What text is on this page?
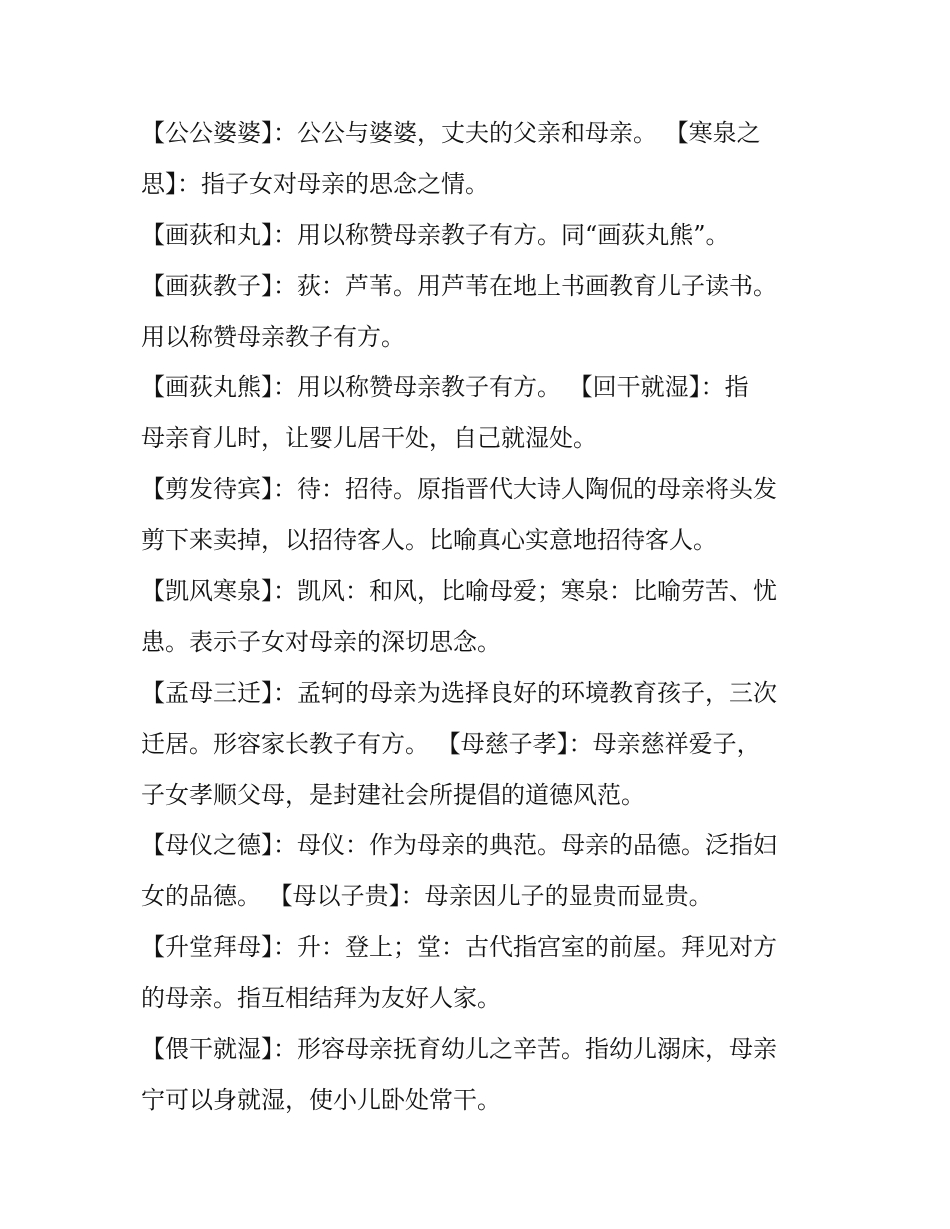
【公公婆婆】：公公与婆婆，丈夫的父亲和母亲。 【寒泉之
思】：指子女对母亲的思念之情。
【画荻和丸】：用以称赞母亲教子有方。同“画荻丸熊”。
【画荻教子】：荻：芦苇。用芦苇在地上书画教育儿子读书。
用以称赞母亲教子有方。
【画荻丸熊】：用以称赞母亲教子有方。 【回干就湿】：指
母亲育儿时，让婴儿居干处，自己就湿处。
【剪发待宾】：待：招待。原指晋代大诗人陶侃的母亲将头发
剪下来卖掉，以招待客人。比喻真心实意地招待客人。
【凯风寒泉】：凯风：和风，比喻母爱；寒泉：比喻劳苦、忧
患。表示子女对母亲的深切思念。
【孟母三迁】：孟轲的母亲为选择良好的环境教育孩子，三次
迁居。形容家长教子有方。 【母慈子孝】：母亲慈祥爱子，
子女孝顺父母，是封建社会所提倡的道德风范。
【母仪之德】：母仪：作为母亲的典范。母亲的品德。泛指妇
女的品德。 【母以子贵】：母亲因儿子的显贵而显贵。
【升堂拜母】：升：登上；堂：古代指宫室的前屋。拜见对方
的母亲。指互相结拜为友好人家。
【偎干就湿】：形容母亲抚育幼儿之辛苦。指幼儿溺床，母亲
宁可以身就湿，使小儿卧处常干。
